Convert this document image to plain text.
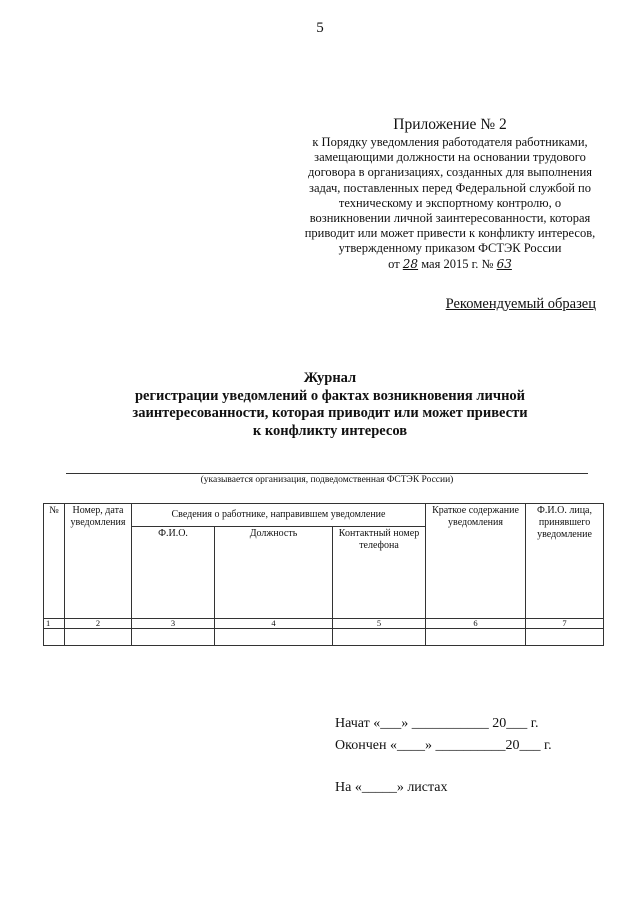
5
Приложение № 2
к Порядку уведомления работодателя работниками,
замещающими должности на основании трудового
договора в организациях, созданных для выполнения
задач, поставленных перед Федеральной службой по
техническому и экспортному контролю, о
возникновении личной заинтересованности, которая
приводит или может привести к конфликту интересов,
утвержденному приказом ФСТЭК России
от 28 мая 2015 г. № 63
Рекомендуемый образец
Журнал
регистрации уведомлений о фактах возникновения личной
заинтересованности, которая приводит или может привести
к конфликту интересов
(указывается организация, подведомственная ФСТЭК России)
№	Номер, дата уведомления	Сведения о работнике, направившем уведомление			Краткое содержание уведомления	Ф.И.О. лица, принявшего уведомление
		Ф.И.О.	Должность	Контактный номер телефона		
1	2	3	4	5	6	7

Начат «___» ___________ 20___ г.
Окончен «____» __________20___ г.
На «_____» листах
